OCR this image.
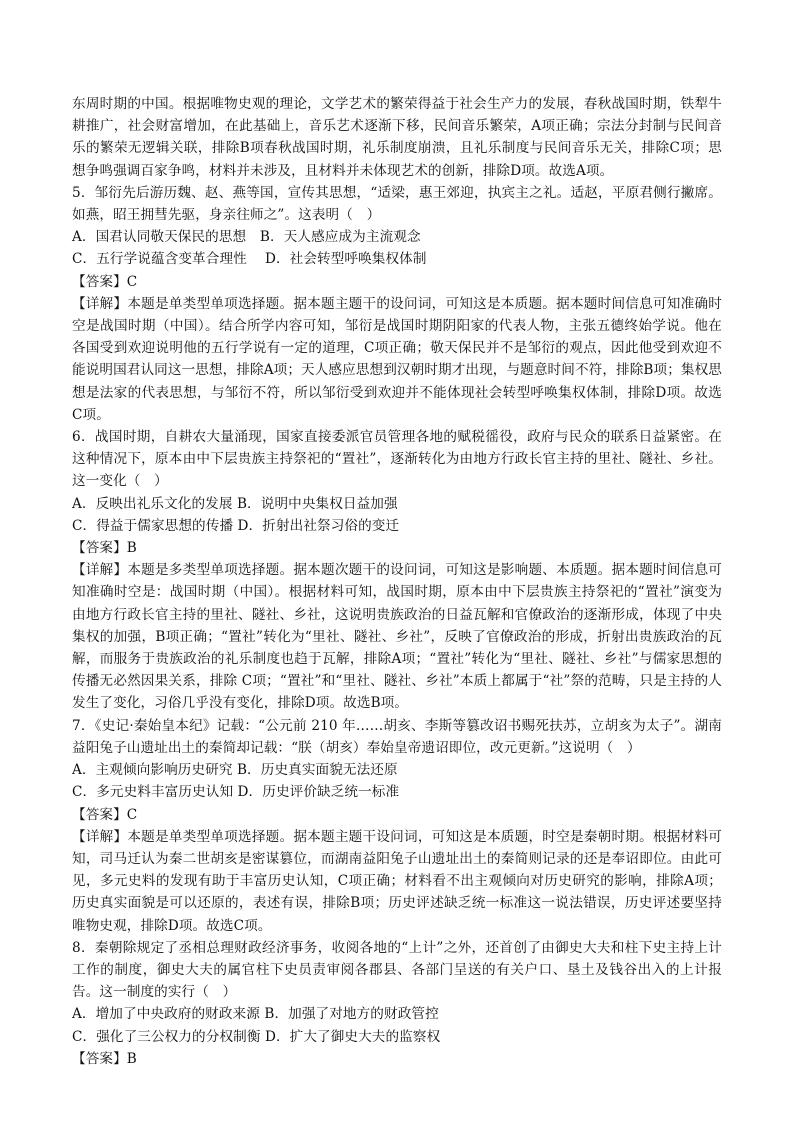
东周时期的中国。根据唯物史观的理论，文学艺术的繁荣得益于社会生产力的发展，春秋战国时期，铁犁牛耕推广，社会财富增加，在此基础上，音乐艺术逐渐下移，民间音乐繁荣，A项正确；宗法分封制与民间音乐的繁荣无逻辑关联，排除B项春秋战国时期，礼乐制度崩溃，且礼乐制度与民间音乐无关，排除C项；思想争鸣强调百家争鸣，材料并未涉及，且材料并未体现艺术的创新，排除D项。故选A项。

5．邹衍先后游历魏、赵、燕等国，宣传其思想，“适梁，惠王郊迎，执宾主之礼。适赵，平原君侧行撇席。如燕，昭王拥彗先驱，身亲往师之”。这表明（　）

A．国君认同敬天保民的思想　B．天人感应成为主流观念

C．五行学说蕴含变革合理性　 D．社会转型呼唤集权体制

【答案】C

【详解】本题是单类型单项选择题。据本题主题干的设问词，可知这是本质题。据本题时间信息可知准确时空是战国时期（中国）。结合所学内容可知，邹衍是战国时期阴阳家的代表人物，主张五德终始学说。他在各国受到欢迎说明他的五行学说有一定的道理，C项正确；敬天保民并不是邹衍的观点，因此他受到欢迎不能说明国君认同这一思想，排除A项；天人感应思想到汉朝时期才出现，与题意时间不符，排除B项；集权思想是法家的代表思想，与邹衍不符，所以邹衍受到欢迎并不能体现社会转型呼唤集权体制，排除D项。故选C项。

6．战国时期，自耕农大量涌现，国家直接委派官员管理各地的赋税徭役，政府与民众的联系日益紧密。在这种情况下，原本由中下层贵族主持祭祀的“置社”，逐渐转化为由地方行政长官主持的里社、隧社、乡社。这一变化（　）

A．反映出礼乐文化的发展 B．说明中央集权日益加强

C．得益于儒家思想的传播 D．折射出社祭习俗的变迁

【答案】B

【详解】本题是多类型单项选择题。据本题次题干的设问词，可知这是影响题、本质题。据本题时间信息可知准确时空是：战国时期（中国）。根据材料可知，战国时期，原本由中下层贵族主持祭祀的“置社”演变为由地方行政长官主持的里社、隧社、乡社，这说明贵族政治的日益瓦解和官僚政治的逐渐形成，体现了中央集权的加强，B项正确；“置社”转化为“里社、隧社、乡社”，反映了官僚政治的形成，折射出贵族政治的瓦解，而服务于贵族政治的礼乐制度也趋于瓦解，排除A项；“置社”转化为“里社、隧社、乡社”与儒家思想的传播无必然因果关系，排除 C项；“置社”和“里社、隧社、乡社”本质上都属于“社”祭的范畴，只是主持的人发生了变化，习俗几乎没有变化，排除D项。故选B项。

7．《史记·秦始皇本纪》记载：“公元前 210 年……胡亥、李斯等篡改诏书赐死扶苏，立胡亥为太子”。湖南益阳兔子山遗址出土的秦简却记载：“朕（胡亥）奉始皇帝遗诏即位，改元更新。”这说明（　）

A．主观倾向影响历史研究 B．历史真实面貌无法还原

C．多元史料丰富历史认知 D．历史评价缺乏统一标准

【答案】C

【详解】本题是单类型单项选择题。据本题主题干设问词，可知这是本质题，时空是秦朝时期。根据材料可知，司马迁认为秦二世胡亥是密谋篡位，而湖南益阳兔子山遗址出土的秦简则记录的还是奉诏即位。由此可见，多元史料的发现有助于丰富历史认知，C项正确；材料看不出主观倾向对历史研究的影响，排除A项；历史真实面貌是可以还原的，表述有误，排除B项；历史评述缺乏统一标准这一说法错误，历史评述要坚持唯物史观，排除D项。故选C项。

8．秦朝除规定了丞相总理财政经济事务，收阅各地的“上计”之外，还首创了由御史大夫和柱下史主持上计工作的制度，御史大夫的属官柱下史员责审阅各郡县、各部门呈送的有关户口、垦土及钱谷出入的上计报告。这一制度的实行（　）

A．增加了中央政府的财政来源 B．加强了对地方的财政管控

C．强化了三公权力的分权制衡 D．扩大了御史大夫的监察权

【答案】B
